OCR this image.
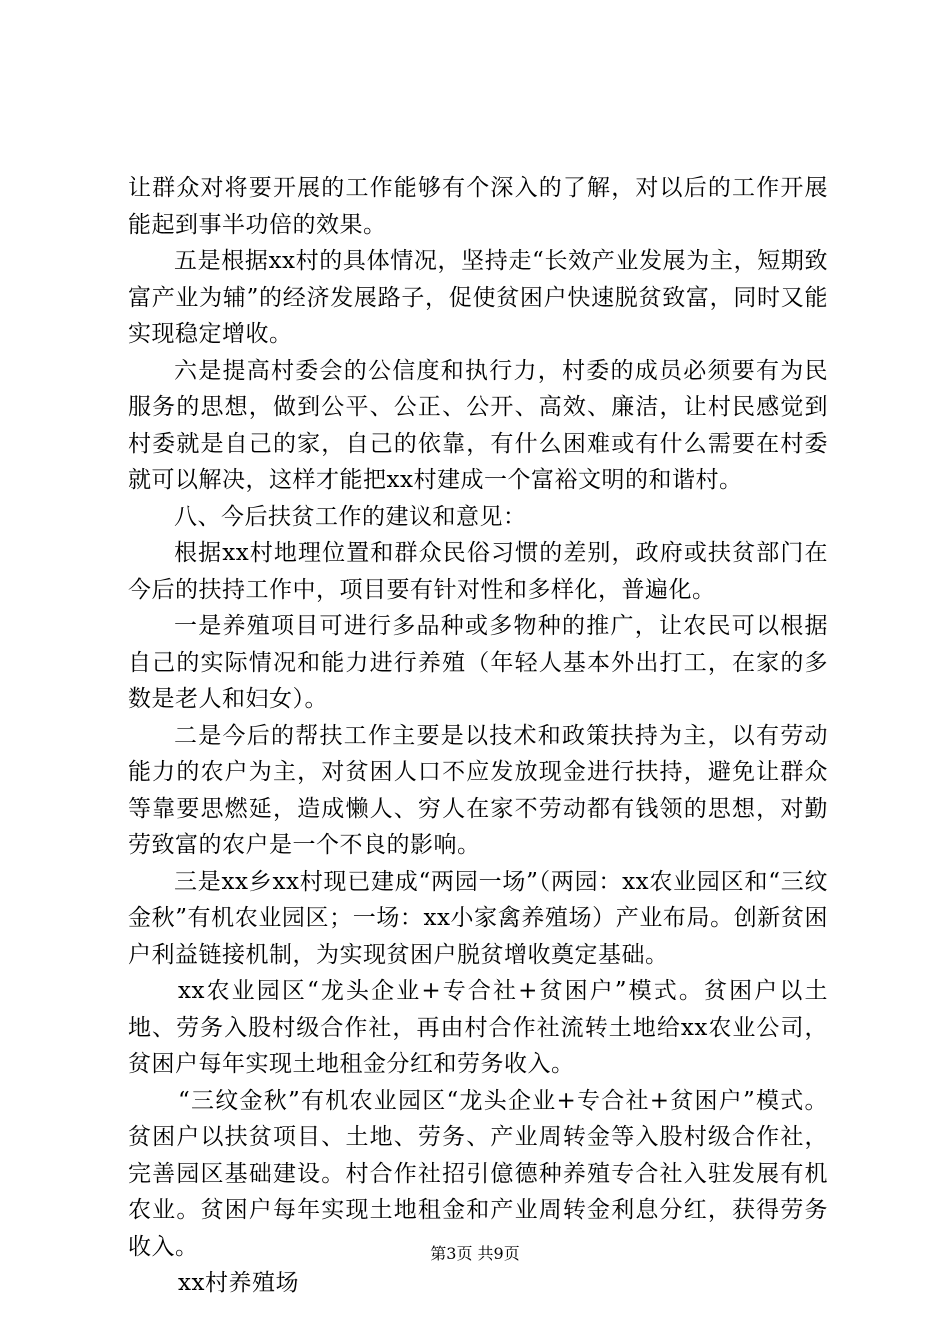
让群众对将要开展的工作能够有个深入的了解，对以后的工作开展能起到事半功倍的效果。

五是根据xx村的具体情况，坚持走“长效产业发展为主，短期致富产业为辅”的经济发展路子，促使贫困户快速脱贫致富，同时又能实现稳定增收。

六是提高村委会的公信度和执行力，村委的成员必须要有为民服务的思想，做到公平、公正、公开、高效、廉洁，让村民感觉到村委就是自己的家，自己的依靠，有什么困难或有什么需要在村委就可以解决，这样才能把xx村建成一个富裕文明的和谐村。

八、今后扶贫工作的建议和意见：

根据xx村地理位置和群众民俗习惯的差别，政府或扶贫部门在今后的扶持工作中，项目要有针对性和多样化，普遍化。

一是养殖项目可进行多品种或多物种的推广，让农民可以根据自己的实际情况和能力进行养殖（年轻人基本外出打工，在家的多数是老人和妇女）。

二是今后的帮扶工作主要是以技术和政策扶持为主，以有劳动能力的农户为主，对贫困人口不应发放现金进行扶持，避免让群众等靠要思燃延，造成懒人、穷人在家不劳动都有钱领的思想，对勤劳致富的农户是一个不良的影响。

三是xx乡xx村现已建成“两园一场”（两园：xx农业园区和“三纹金秋”有机农业园区；一场：xx小家禽养殖场）产业布局。创新贫困户利益链接机制，为实现贫困户脱贫增收奠定基础。

xx农业园区“龙头企业+专合社+贫困户”模式。贫困户以土地、劳务入股村级合作社，再由村合作社流转土地给xx农业公司，贫困户每年实现土地租金分红和劳务收入。

“三纹金秋”有机农业园区“龙头企业+专合社+贫困户”模式。贫困户以扶贫项目、土地、劳务、产业周转金等入股村级合作社，完善园区基础建设。村合作社招引億德种养殖专合社入驻发展有机农业。贫困户每年实现土地租金和产业周转金利息分红，获得劳务收入。

xx村养殖场

第3页 共9页
